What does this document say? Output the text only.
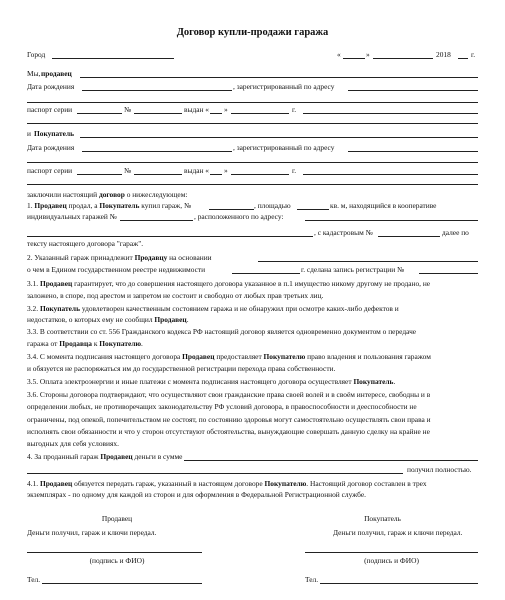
Договор купли-продажи гаража
Город	«	»	2018	г.
Мы, продавец
Дата рождения	, зарегистрированный по адресу
паспорт серии	№	выдан « »	г.
и Покупатель
Дата рождения	, зарегистрированный по адресу
паспорт серии	№	выдан « »	г.
заключили настоящий договор о нижеследующем:
1. Продавец продал, а Покупатель купил гараж, №	, площадью	кв. м, находящийся в кооперативе
индивидуальных гаражей №	, расположенного по адресу:
, с кадастровым №	далее по
тексту настоящего договора "гараж".
2. Указанный гараж принадлежит Продавцу на основании
о чем в Едином государственном реестре недвижимости	г. сделана запись регистрации №
3.1. Продавец гарантирует, что до совершения настоящего договора указанное в п.1 имущество никому другому не продано, не
заложено, в споре, под арестом и запретом не состоит и свободно от любых прав третьих лиц.
3.2. Покупатель удовлетворен качественным состоянием гаража и не обнаружил при осмотре каких-либо дефектов и
недостатков, о которых ему не сообщил Продавец.
3.3. В соответствии со ст. 556 Гражданского кодекса РФ настоящий договор является одновременно документом о передаче
гаража от Продавца к Покупателю.
3.4. С момента подписания настоящего договора Продавец предоставляет Покупателю право владения и пользования гаражом
и обязуется не распоряжаться им до государственной регистрации перехода права собственности.
3.5. Оплата электроэнергии и иные платежи с момента подписания настоящего договора осуществляет Покупатель.
3.6. Стороны договора подтверждают, что осуществляют свои гражданские права своей волей и в своём интересе, свободны и в
определении любых, не противоречащих законодательству РФ условий договора, в правоспособности и дееспособности не
ограничены, под опекой, попечительством не состоят, по состоянию здоровья могут самостоятельно осуществлять свои права и
исполнять свои обязанности и что у сторон отсутствуют обстоятельства, вынуждающие совершать данную сделку на крайне не
выгодных для себя условиях.
4. За проданный гараж Продавец деньги в сумме
получил полностью.
4.1. Продавец обязуется передать гараж, указанный в настоящем договоре Покупателю. Настоящий договор составлен в трех
экземплярах - по одному для каждой из сторон и для оформления в Федеральной Регистрационной службе.
Продавец
Деньги получил, гараж и ключи передал.
(подпись и ФИО)
Тел.
Покупатель
Деньги получил, гараж и ключи передал.
(подпись и ФИО)
Тел.
